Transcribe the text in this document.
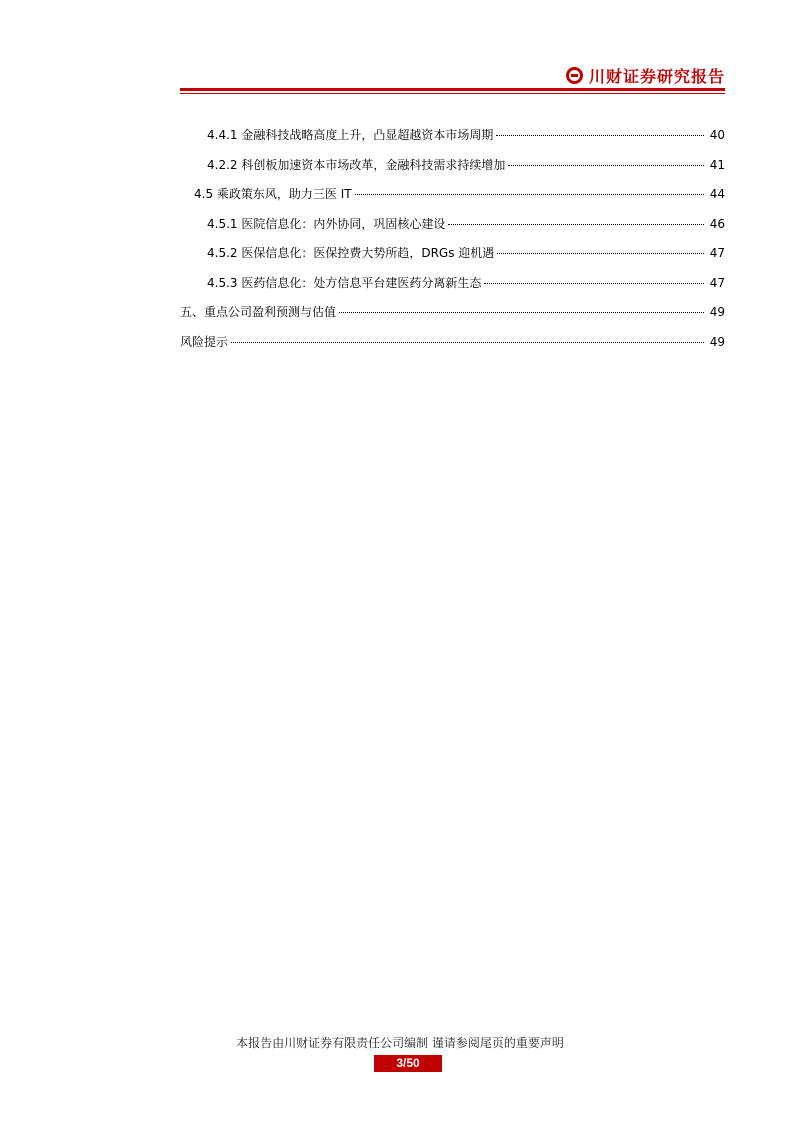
川财证券研究报告
4.4.1 金融科技战略高度上升，凸显超越资本市场周期	40
4.2.2 科创板加速资本市场改革，金融科技需求持续增加	41
4.5 乘政策东风，助力三医 IT	44
4.5.1 医院信息化：内外协同，巩固核心建设	46
4.5.2 医保信息化：医保控费大势所趋，DRGs 迎机遇	47
4.5.3 医药信息化：处方信息平台建医药分离新生态	47
五、重点公司盈利预测与估值	49
风险提示	49
本报告由川财证券有限责任公司编制 谨请参阅尾页的重要声明
3/50
